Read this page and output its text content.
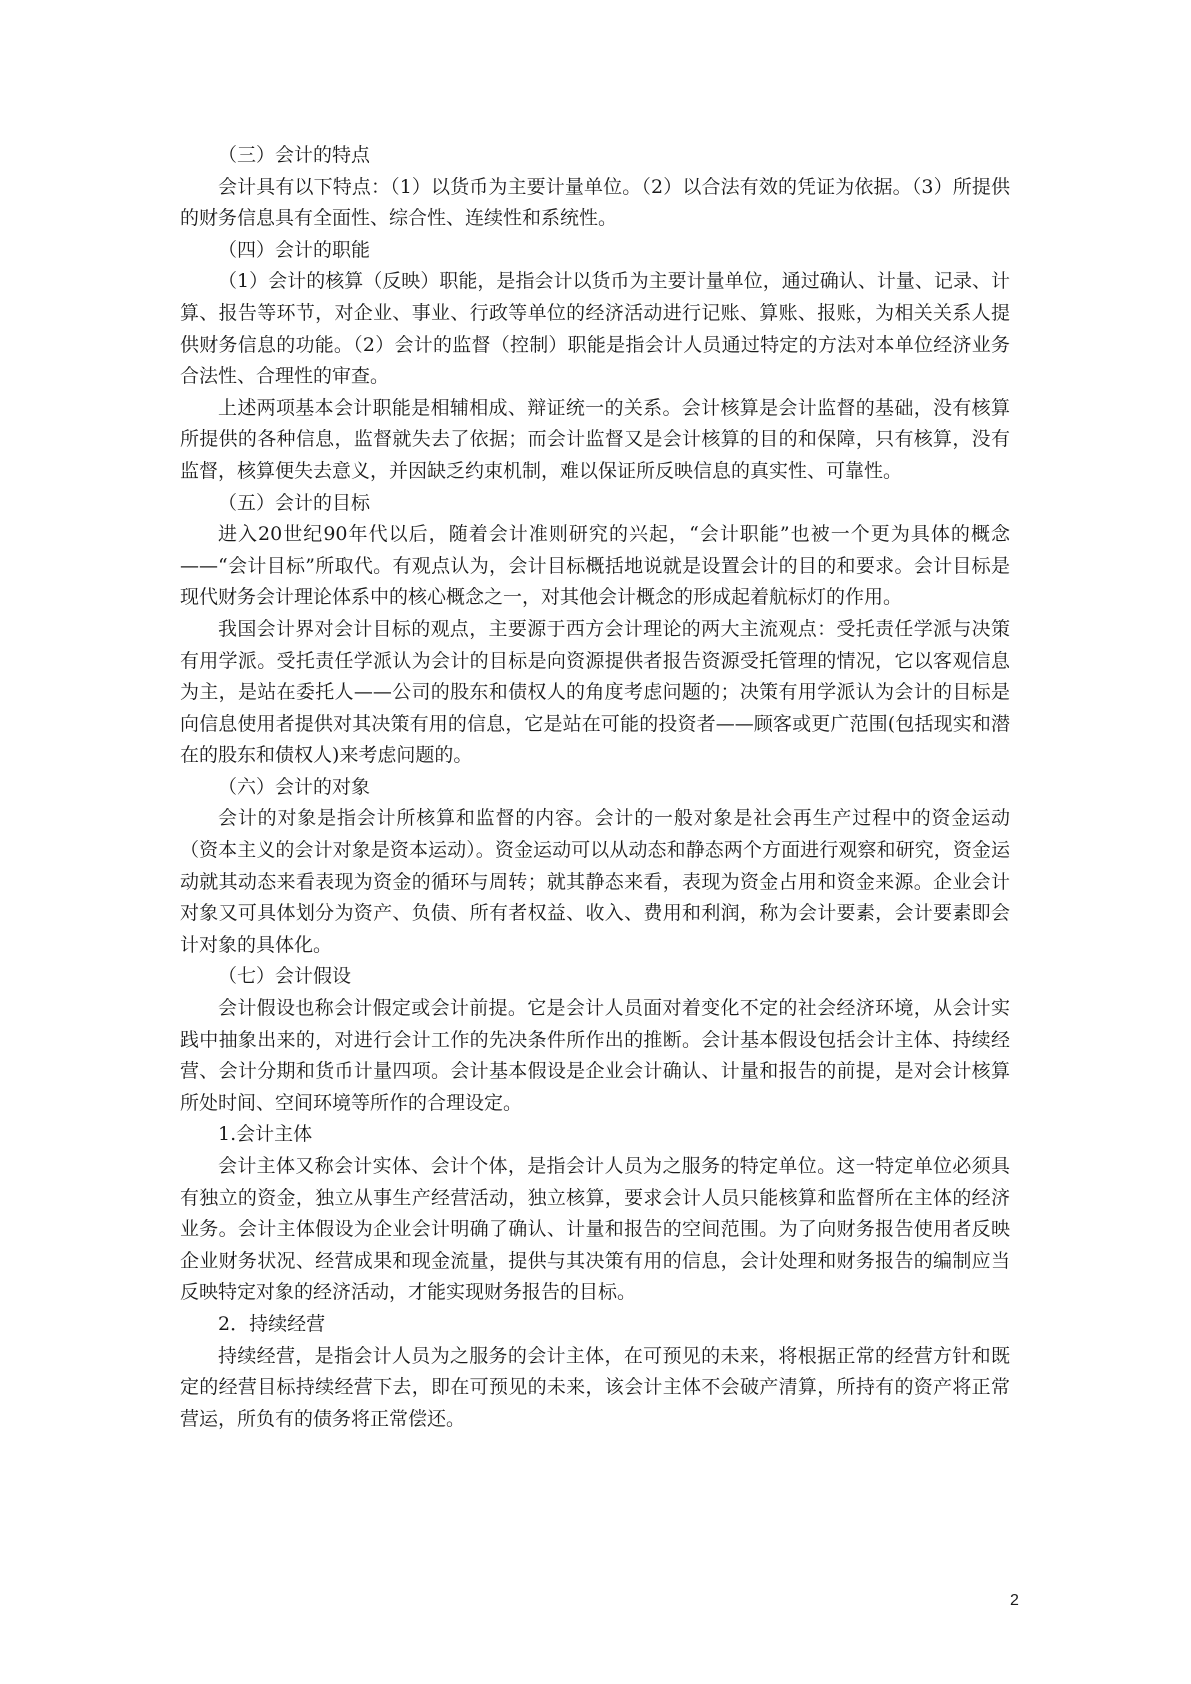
（三）会计的特点

会计具有以下特点：（1）以货币为主要计量单位。（2）以合法有效的凭证为依据。（3）所提供的财务信息具有全面性、综合性、连续性和系统性。

（四）会计的职能

（1）会计的核算（反映）职能，是指会计以货币为主要计量单位，通过确认、计量、记录、计算、报告等环节，对企业、事业、行政等单位的经济活动进行记账、算账、报账，为相关关系人提供财务信息的功能。（2）会计的监督（控制）职能是指会计人员通过特定的方法对本单位经济业务合法性、合理性的审查。

上述两项基本会计职能是相辅相成、辩证统一的关系。会计核算是会计监督的基础，没有核算所提供的各种信息，监督就失去了依据；而会计监督又是会计核算的目的和保障，只有核算，没有监督，核算便失去意义，并因缺乏约束机制，难以保证所反映信息的真实性、可靠性。

（五）会计的目标

进入20世纪90年代以后，随着会计准则研究的兴起，“会计职能”也被一个更为具体的概念——“会计目标”所取代。有观点认为，会计目标概括地说就是设置会计的目的和要求。会计目标是现代财务会计理论体系中的核心概念之一，对其他会计概念的形成起着航标灯的作用。

我国会计界对会计目标的观点，主要源于西方会计理论的两大主流观点：受托责任学派与决策有用学派。受托责任学派认为会计的目标是向资源提供者报告资源受托管理的情况，它以客观信息为主，是站在委托人——公司的股东和债权人的角度考虑问题的；决策有用学派认为会计的目标是向信息使用者提供对其决策有用的信息，它是站在可能的投资者——顾客或更广范围(包括现实和潜在的股东和债权人)来考虑问题的。

（六）会计的对象

会计的对象是指会计所核算和监督的内容。会计的一般对象是社会再生产过程中的资金运动（资本主义的会计对象是资本运动）。资金运动可以从动态和静态两个方面进行观察和研究，资金运动就其动态来看表现为资金的循环与周转；就其静态来看，表现为资金占用和资金来源。企业会计对象又可具体划分为资产、负债、所有者权益、收入、费用和利润，称为会计要素，会计要素即会计对象的具体化。

（七）会计假设

会计假设也称会计假定或会计前提。它是会计人员面对着变化不定的社会经济环境，从会计实践中抽象出来的，对进行会计工作的先决条件所作出的推断。会计基本假设包括会计主体、持续经营、会计分期和货币计量四项。会计基本假设是企业会计确认、计量和报告的前提，是对会计核算所处时间、空间环境等所作的合理设定。

1.会计主体

会计主体又称会计实体、会计个体，是指会计人员为之服务的特定单位。这一特定单位必须具有独立的资金，独立从事生产经营活动，独立核算，要求会计人员只能核算和监督所在主体的经济业务。会计主体假设为企业会计明确了确认、计量和报告的空间范围。为了向财务报告使用者反映企业财务状况、经营成果和现金流量，提供与其决策有用的信息，会计处理和财务报告的编制应当反映特定对象的经济活动，才能实现财务报告的目标。

2．持续经营

持续经营，是指会计人员为之服务的会计主体，在可预见的未来，将根据正常的经营方针和既定的经营目标持续经营下去，即在可预见的未来，该会计主体不会破产清算，所持有的资产将正常营运，所负有的债务将正常偿还。

2
